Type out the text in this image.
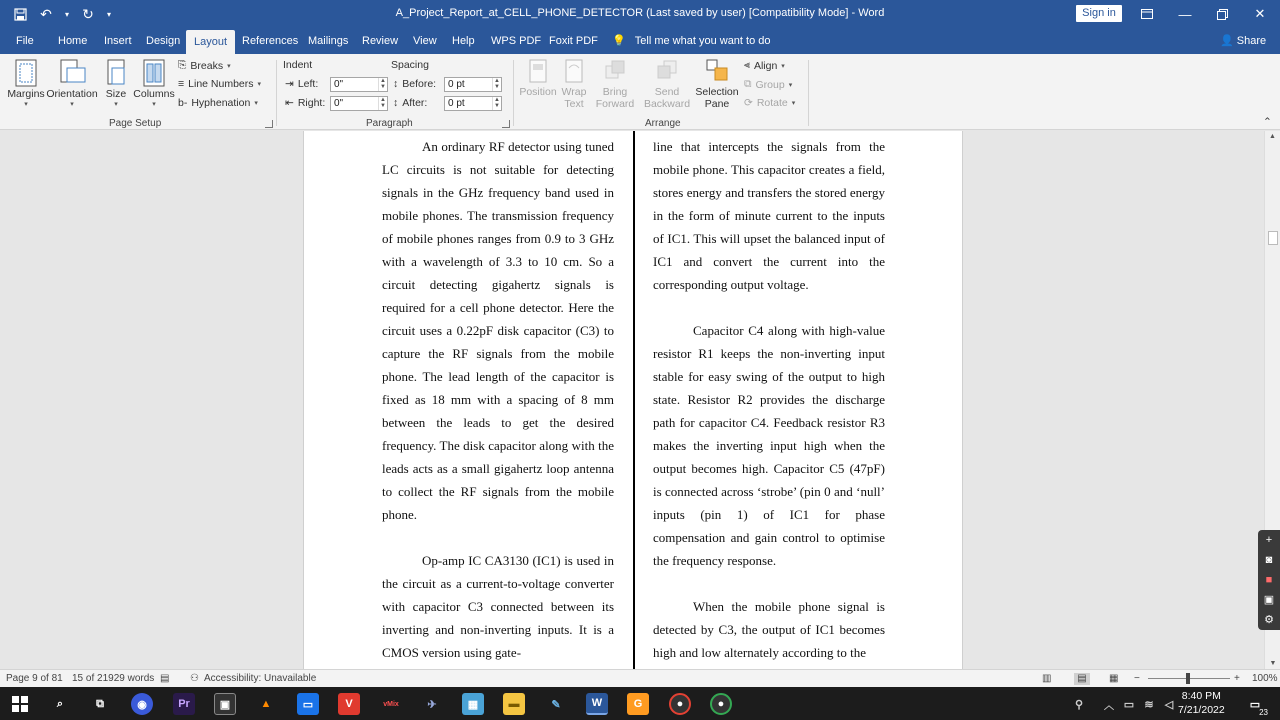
↶	▾ ↻	▾	A_Project_Report_at_CELL_PHONE_DETECTOR (Last saved by user) [Compatibility Mode] - Word	Sign in	—	✕
File	Home	Insert	Design	Layout	References Mailings	Review	View	Help	WPS PDF Foxit PDF	💡 Tell me what you want to do	👤 Share
Margins
▾
Orientation
▾
Size
▾
Columns
▾
⎘ Breaks ▾
≡ Line Numbers ▾
b- Hyphenation ▾
Page Setup
Indent	Spacing
⇥ Left:	0"	▲
▼
⇤ Right: 0"	▲
▼
↕ Before:	0 pt	▲
▼
↕ After:	0 pt	▲
▼
Paragraph
Position Wrap
Text
Bring
Forward
Send
Backward
Selection
Pane
⫷ Align ▾
⧉ Group ▾
⟳ Rotate ▾
Arrange	⌃

An ordinary RF detector using tuned LC circuits is not suitable for detecting signals in the GHz frequency band used in mobile phones. The transmission frequency of mobile phones ranges from 0.9 to 3 GHz with a wavelength of 3.3 to 10 cm. So a circuit detecting gigahertz signals is required for a cell phone detector. Here the circuit uses a 0.22pF disk capacitor (C3) to capture the RF signals from the mobile phone. The lead length of the capacitor is fixed as 18 mm with a spacing of 8 mm between the leads to get the desired frequency. The disk capacitor along with the leads acts as a small gigahertz loop antenna to collect the RF signals from the mobile phone.

Op-amp IC CA3130 (IC1) is used in the circuit as a current-to-voltage converter with capacitor C3 connected between its inverting and non-inverting inputs. It is a CMOS version using gate-

line that intercepts the signals from the mobile phone. This capacitor creates a field, stores energy and transfers the stored energy in the form of minute current to the inputs of IC1. This will upset the balanced input of IC1 and convert the current into the corresponding output voltage.

Capacitor C4 along with high-value resistor R1 keeps the non-inverting input stable for easy swing of the output to high state. Resistor R2 provides the discharge path for capacitor C4. Feedback resistor R3 makes the inverting input high when the output becomes high. Capacitor C5 (47pF) is connected across ‘strobe’ (pin 0 and ‘null’ inputs (pin 1) of IC1 for phase compensation and gain control to optimise the frequency response.

When the mobile phone signal is detected by C3, the output of IC1 becomes high and low alternately according to the

▲
▼
+
◙
■
▣
⚙
Page 9 of 81 15 of 21929 words ▤ ⚇ Accessibility: Unavailable	▥	▤	▦ −	+ 100%
⌕	⧉	◉	Pr	▣	▲	▭	V	vMix	✈	▦	▬	✎	W	G	●	●	⚲	︿ ▭ ≋	◁
8:40 PM
7/21/2022	▭
23
